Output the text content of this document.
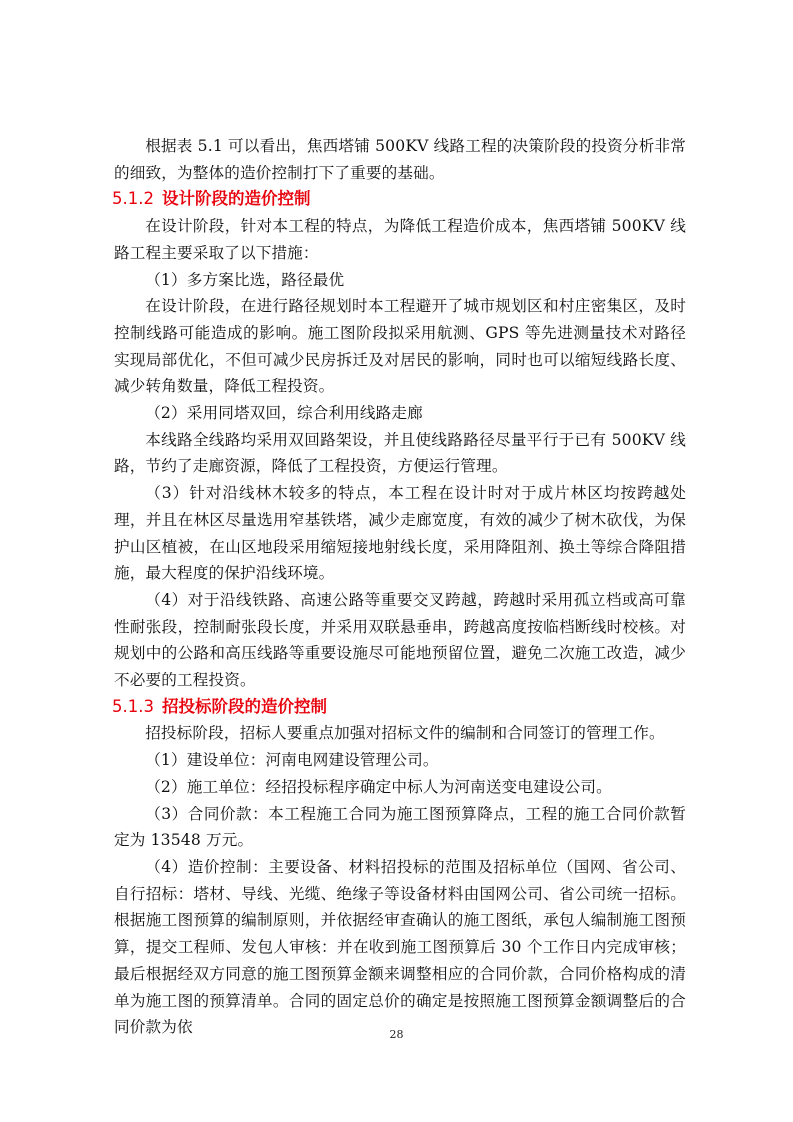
根据表 5.1 可以看出，焦西塔铺 500KV 线路工程的决策阶段的投资分析非常的细致，为整体的造价控制打下了重要的基础。

5.1.2 设计阶段的造价控制

在设计阶段，针对本工程的特点，为降低工程造价成本，焦西塔铺 500KV 线路工程主要采取了以下措施：

（1）多方案比选，路径最优

在设计阶段，在进行路径规划时本工程避开了城市规划区和村庄密集区，及时控制线路可能造成的影响。施工图阶段拟采用航测、GPS 等先进测量技术对路径实现局部优化，不但可减少民房拆迁及对居民的影响，同时也可以缩短线路长度、减少转角数量，降低工程投资。

（2）采用同塔双回，综合利用线路走廊

本线路全线路均采用双回路架设，并且使线路路径尽量平行于已有 500KV 线路，节约了走廊资源，降低了工程投资，方便运行管理。

（3）针对沿线林木较多的特点，本工程在设计时对于成片林区均按跨越处理，并且在林区尽量选用窄基铁塔，减少走廊宽度，有效的减少了树木砍伐，为保护山区植被，在山区地段采用缩短接地射线长度，采用降阻剂、换土等综合降阻措施，最大程度的保护沿线环境。

（4）对于沿线铁路、高速公路等重要交叉跨越，跨越时采用孤立档或高可靠性耐张段，控制耐张段长度，并采用双联悬垂串，跨越高度按临档断线时校核。对规划中的公路和高压线路等重要设施尽可能地预留位置，避免二次施工改造，减少不必要的工程投资。

5.1.3 招投标阶段的造价控制

招投标阶段，招标人要重点加强对招标文件的编制和合同签订的管理工作。

（1）建设单位：河南电网建设管理公司。

（2）施工单位：经招投标程序确定中标人为河南送变电建设公司。

（3）合同价款：本工程施工合同为施工图预算降点，工程的施工合同价款暂定为 13548 万元。

（4）造价控制：主要设备、材料招投标的范围及招标单位（国网、省公司、自行招标：塔材、导线、光缆、绝缘子等设备材料由国网公司、省公司统一招标。根据施工图预算的编制原则，并依据经审查确认的施工图纸，承包人编制施工图预算，提交工程师、发包人审核：并在收到施工图预算后 30 个工作日内完成审核；最后根据经双方同意的施工图预算金额来调整相应的合同价款，合同价格构成的清单为施工图的预算清单。合同的固定总价的确定是按照施工图预算金额调整后的合同价款为依	28
